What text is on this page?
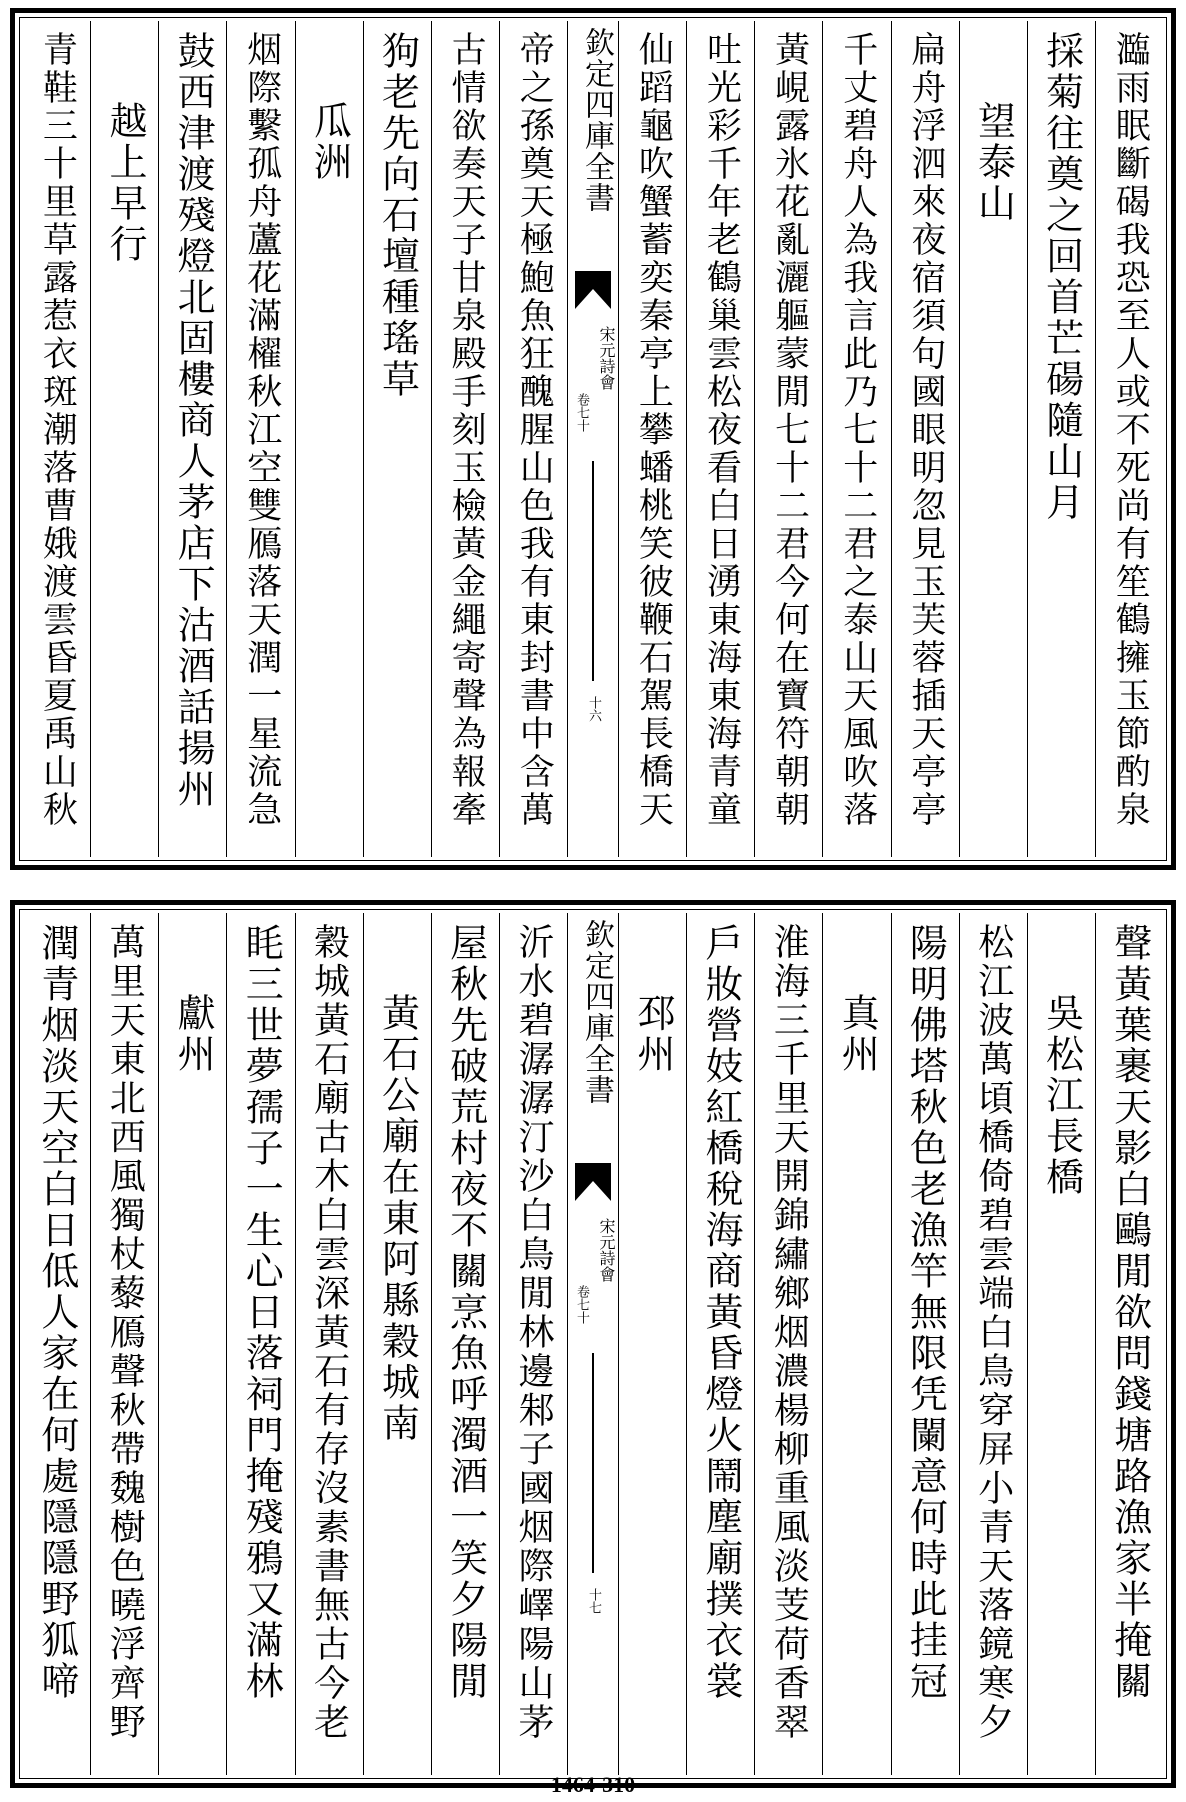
瀶雨眠斷碣我恐至人或不死尚有笙鶴擁玉節酌泉
採菊往奠之回首芒碭隨山月
望泰山
扁舟浮泗來夜宿須句國眼明忽見玉芙蓉插天亭亭
千丈碧舟人為我言此乃七十二君之泰山天風吹落
黃峴露氷花亂灑軀蒙閒七十二君今何在寶符朝朝
吐光彩千年老鶴巢雲松夜看白日湧東海東海青童
仙蹈龜吹蟹蓄奕秦亭上攀蟠桃笑彼鞭石駕長橋天
欽定四庫全書
宋元詩會
卷七十
十六
帝之孫奠天極鮑魚狂醜腥山色我有東封書中含萬
古情欲奏天子甘泉殿手刻玉檢黃金繩寄聲為報牽
狗老先向石壇種瑤草
瓜洲
烟際繫孤舟蘆花滿櫂秋江空雙鴈落天潤一星流急
鼓西津渡殘燈北固樓商人茅店下沽酒話揚州
越上早行
青鞋三十里草露惹衣斑潮落曹娥渡雲昏夏禹山秋
聲黃葉裹天影白鷗閒欲問錢塘路漁家半掩關
吳松江長橋
松江波萬頃橋倚碧雲端白鳥穿屏小青天落鏡寒夕
陽明佛塔秋色老漁竿無限凭闌意何時此挂冠
真州
淮海三千里天開錦繡鄉烟濃楊柳重風淡芰荷香翠
戶妝營妓紅橋稅海商黃昏燈火鬧塵廟撲衣裳
邳州
欽定四庫全書
宋元詩會
卷七十
十七
沂水碧潺潺汀沙白鳥閒林邊邾子國烟際嶧陽山茅
屋秋先破荒村夜不關烹魚呼濁酒一笑夕陽閒
黃石公廟在東阿縣穀城南
穀城黃石廟古木白雲深黃石有存沒素書無古今老
眊三世夢孺子一生心日落祠門掩殘鴉又滿林
獻州
萬里天東北西風獨杖藜鴈聲秋帶魏樹色曉浮齊野
潤青烟淡天空白日低人家在何處隱隱野狐啼
1464-310
